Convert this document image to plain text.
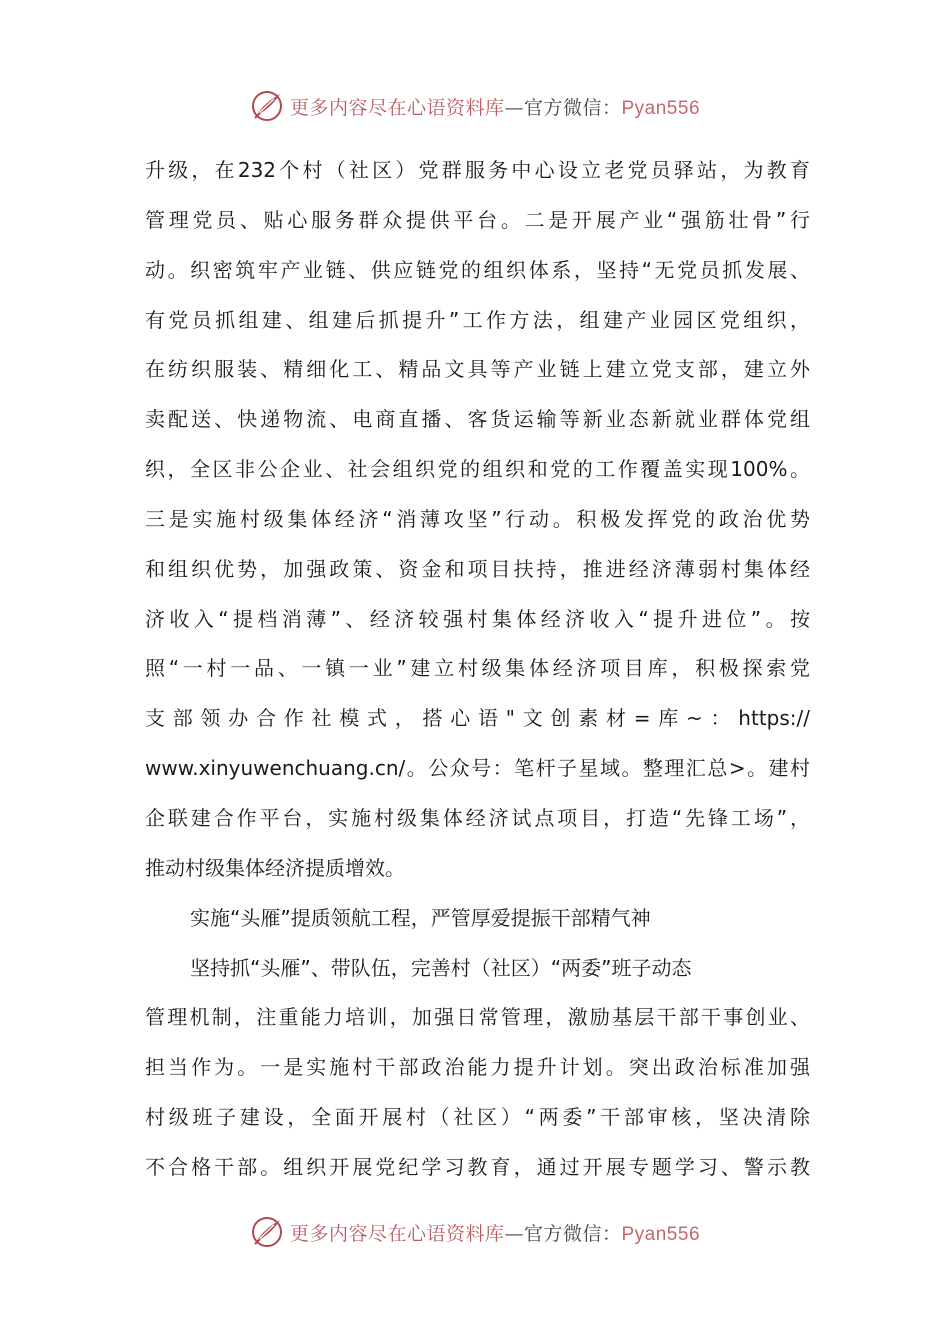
更多内容尽在心语资料库—官方微信：Pyan556
升级，在232个村（社区）党群服务中心设立老党员驿站，为教育
管理党员、贴心服务群众提供平台。二是开展产业“强筋壮骨”行
动。织密筑牢产业链、供应链党的组织体系，坚持“无党员抓发展、
有党员抓组建、组建后抓提升”工作方法，组建产业园区党组织，
在纺织服装、精细化工、精品文具等产业链上建立党支部，建立外
卖配送、快递物流、电商直播、客货运输等新业态新就业群体党组
织，全区非公企业、社会组织党的组织和党的工作覆盖实现100%。
三是实施村级集体经济“消薄攻坚”行动。积极发挥党的政治优势
和组织优势，加强政策、资金和项目扶持，推进经济薄弱村集体经
济收入“提档消薄”、经济较强村集体经济收入“提升进位”。按
照“一村一品、一镇一业”建立村级集体经济项目库，积极探索党
支部领办合作社模式，搭心语"文创素材=库~：https://
www.xinyuwenchuang.cn/。公众号：笔杆子星域。整理汇总>。建村
企联建合作平台，实施村级集体经济试点项目，打造“先锋工场”，
推动村级集体经济提质增效。
实施“头雁”提质领航工程，严管厚爱提振干部精气神
坚持抓“头雁”、带队伍，完善村（社区）“两委”班子动态
管理机制，注重能力培训，加强日常管理，激励基层干部干事创业、
担当作为。一是实施村干部政治能力提升计划。突出政治标准加强
村级班子建设，全面开展村（社区）“两委”干部审核，坚决清除
不合格干部。组织开展党纪学习教育，通过开展专题学习、警示教
更多内容尽在心语资料库—官方微信：Pyan556
